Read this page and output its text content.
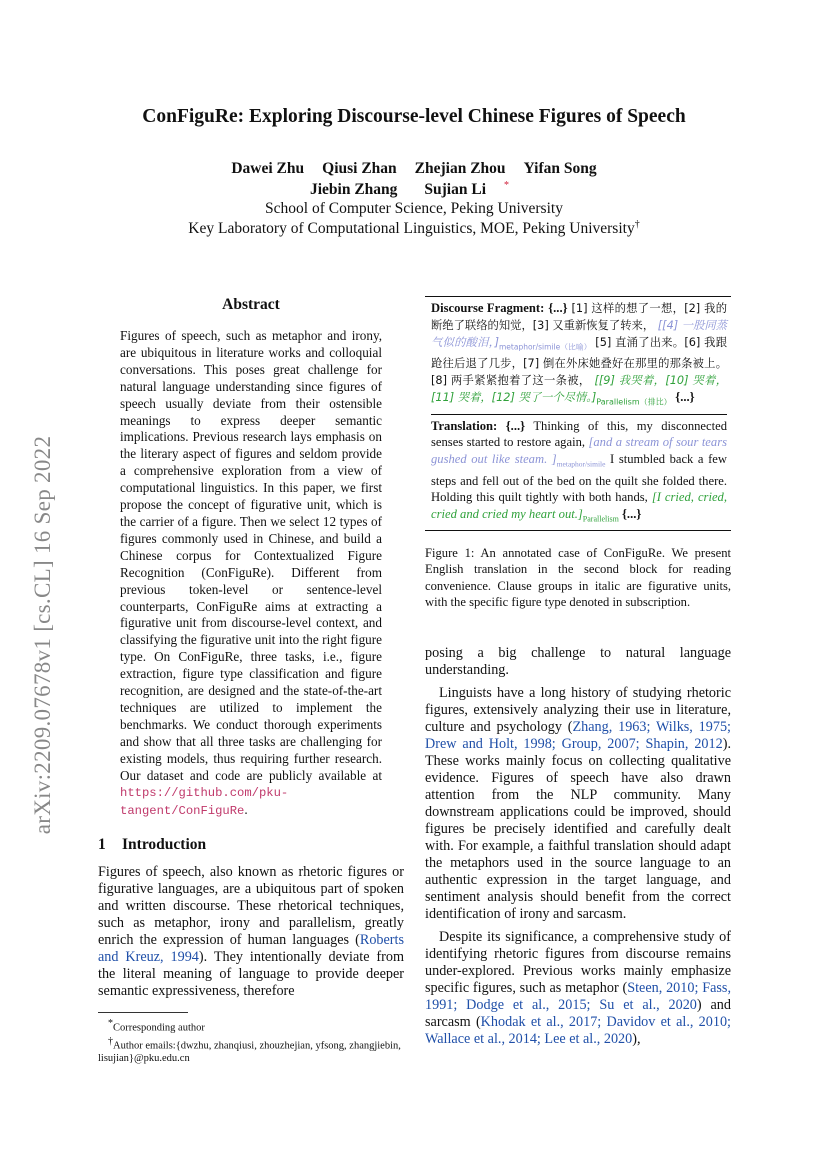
arXiv:2209.07678v1 [cs.CL] 16 Sep 2022
ConFiguRe: Exploring Discourse-level Chinese Figures of Speech
Dawei Zhu Qiusi Zhan Zhejian Zhou Yifan Song
Jiebin Zhang Sujian Li *
School of Computer Science, Peking University
Key Laboratory of Computational Linguistics, MOE, Peking University†
Abstract

Figures of speech, such as metaphor and irony, are ubiquitous in literature works and colloquial conversations. This poses great challenge for natural language understanding since figures of speech usually deviate from their ostensible meanings to express deeper semantic implications. Previous research lays emphasis on the literary aspect of figures and seldom provide a comprehensive exploration from a view of computational linguistics. In this paper, we first propose the concept of figurative unit, which is the carrier of a figure. Then we select 12 types of figures commonly used in Chinese, and build a Chinese corpus for Contextualized Figure Recognition (ConFiguRe). Different from previous token-level or sentence-level counterparts, ConFiguRe aims at extracting a figurative unit from discourse-level context, and classifying the figurative unit into the right figure type. On ConFiguRe, three tasks, i.e., figure extraction, figure type classification and figure recognition, are designed and the state-of-the-art techniques are utilized to implement the benchmarks. We conduct thorough experiments and show that all three tasks are challenging for existing models, thus requiring further research. Our dataset and code are publicly available at https://github.com/pku-tangent/ConFiguRe.

1 Introduction

Figures of speech, also known as rhetoric figures or figurative languages, are a ubiquitous part of spoken and written discourse. These rhetorical techniques, such as metaphor, irony and parallelism, greatly enrich the expression of human languages (Roberts and Kreuz, 1994). They intentionally deviate from the literal meaning of language to provide deeper semantic expressiveness, therefore

*Corresponding author

†Author emails:{dwzhu, zhanqiusi, zhouzhejian, yfsong, zhangjiebin, lisujian}@pku.edu.cn

Discourse Fragment: {...} [1] 这样的想了一想，[2] 我的断绝了联络的知觉，[3] 又重新恢复了转来， [[4] 一股同蒸气似的酸泪，]$_{metaphor/simile(比喻)}$ [5] 直涌了出来。[6] 我跟跄往后退了几步，[7] 倒在外床她叠好在那里的那条被上。[8] 两手紧紧抱着了这一条被， [[9] 我哭着，[10] 哭着，[11] 哭着，[12] 哭了一个尽情。]$_{Parallelism(排比)}$ {...}
Translation: {...} Thinking of this, my disconnected senses started to restore again, [and a stream of sour tears gushed out like steam. ]$_{metaphor/simile}$ I stumbled back a few steps and fell out of the bed on the quilt she folded there. Holding this quilt tightly with both hands, [I cried, cried, cried and cried my heart $out.]_{Parallelism}$ {...}

Figure 1: An annotated case of ConFiguRe. We present English translation in the second block for reading convenience. Clause groups in italic are figurative units, with the specific figure type denoted in subscription.

posing a big challenge to natural language understanding.

Linguists have a long history of studying rhetoric figures, extensively analyzing their use in literature, culture and psychology (Zhang, 1963; Wilks, 1975; Drew and Holt, 1998; Group, 2007; Shapin, 2012). These works mainly focus on collecting qualitative evidence. Figures of speech have also drawn attention from the NLP community. Many downstream applications could be improved, should figures be precisely identified and carefully dealt with. For example, a faithful translation should adapt the metaphors used in the source language to an authentic expression in the target language, and sentiment analysis should benefit from the correct identification of irony and sarcasm.

Despite its significance, a comprehensive study of identifying rhetoric figures from discourse remains under-explored. Previous works mainly emphasize specific figures, such as metaphor (Steen, 2010; Fass, 1991; Dodge et al., 2015; Su et al., 2020) and sarcasm (Khodak et al., 2017; Davidov et al., 2010; Wallace et al., 2014; Lee et al., 2020),
